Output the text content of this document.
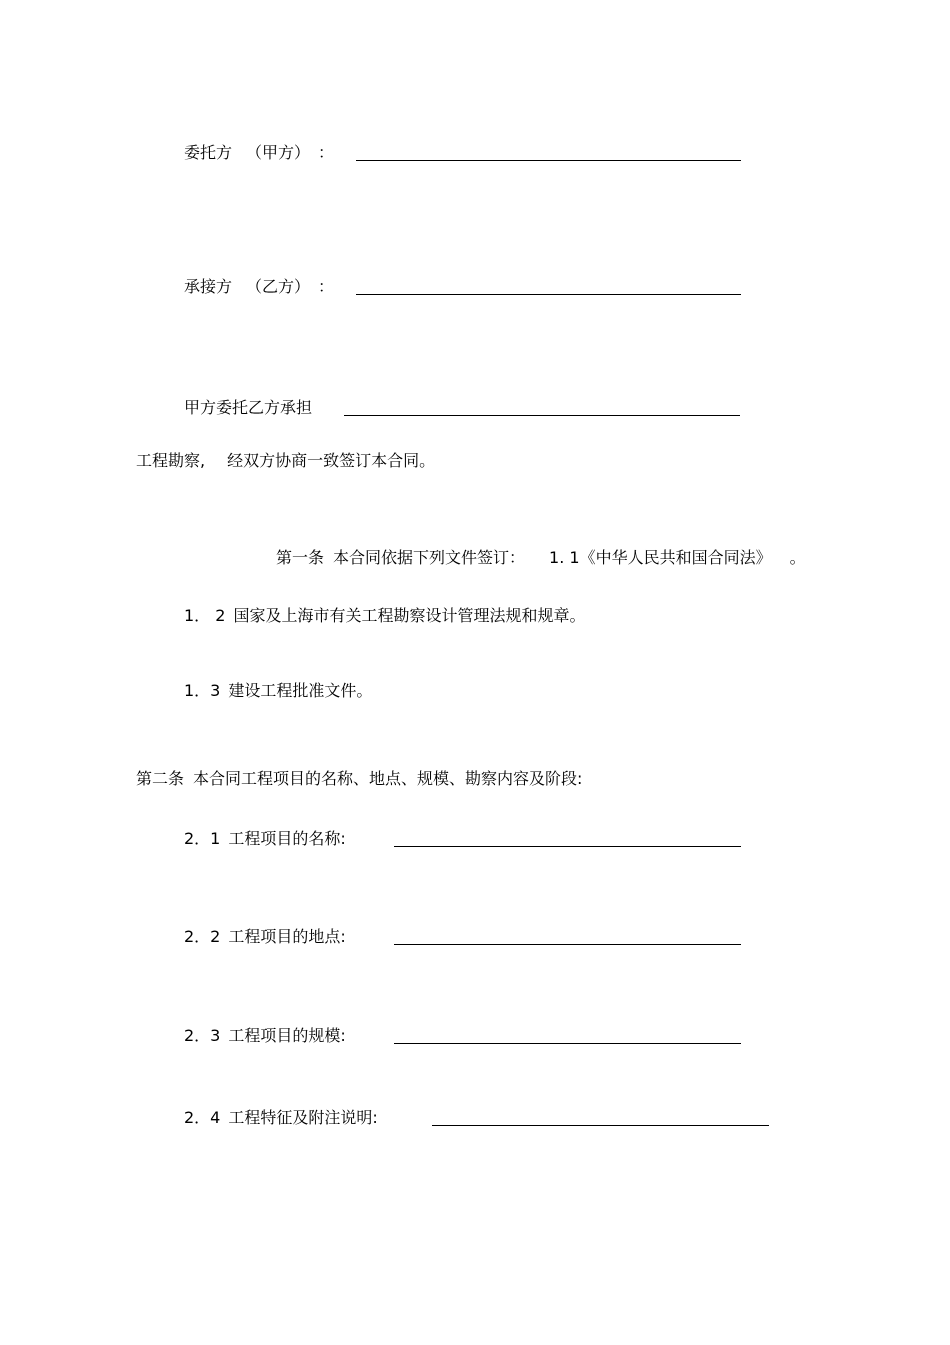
委托方 （甲方） ：
承接方 （乙方） ：
甲方委托乙方承担
工程勘察, 经双方协商一致签订本合同。
第一条 本合同依据下列文件签订： 1. 1《中华人民共和国合同法》 。
1． 2 国家及上海市有关工程勘察设计管理法规和规章。
1．3 建设工程批准文件。
第二条 本合同工程项目的名称、地点、规模、勘察内容及阶段:
2．1 工程项目的名称:
2．2 工程项目的地点:
2．3 工程项目的规模:
2．4 工程特征及附注说明:
